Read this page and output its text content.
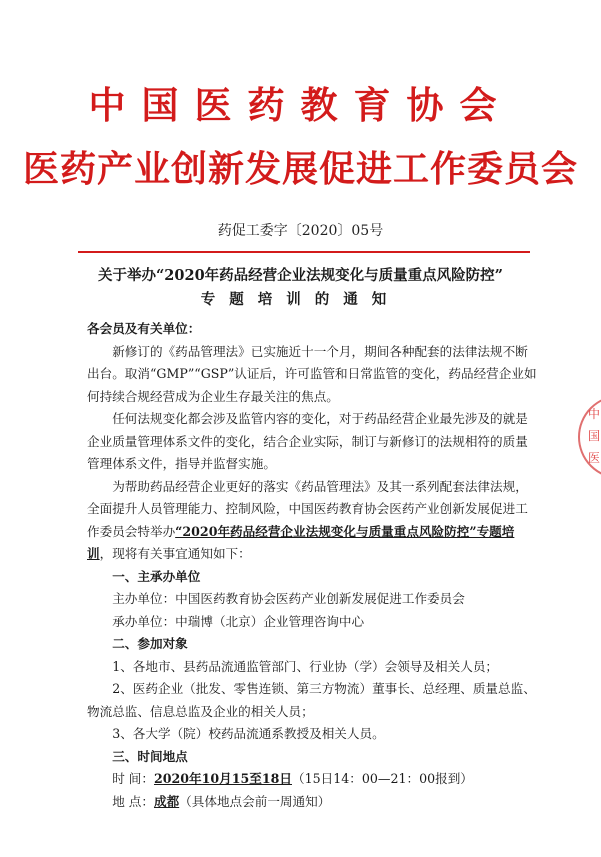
中国医药教育协会
医药产业创新发展促进工作委员会
药促工委字〔2020〕05号
关于举办“2020年药品经营企业法规变化与质量重点风险防控”
专题培训的通知

各会员及有关单位：

新修订的《药品管理法》已实施近十一个月，期间各种配套的法律法规不断出台。取消“GMP”“GSP”认证后，许可监管和日常监管的变化，药品经营企业如何持续合规经营成为企业生存最关注的焦点。

任何法规变化都会涉及监管内容的变化，对于药品经营企业最先涉及的就是企业质量管理体系文件的变化，结合企业实际，制订与新修订的法规相符的质量管理体系文件，指导并监督实施。

为帮助药品经营企业更好的落实《药品管理法》及其一系列配套法律法规，全面提升人员管理能力、控制风险，中国医药教育协会医药产业创新发展促进工作委员会特举办“2020年药品经营企业法规变化与质量重点风险防控”专题培训，现将有关事宜通知如下：

一、主承办单位

主办单位：中国医药教育协会医药产业创新发展促进工作委员会

承办单位：中瑞博（北京）企业管理咨询中心

二、参加对象

1、各地市、县药品流通监管部门、行业协（学）会领导及相关人员；

2、医药企业（批发、零售连锁、第三方物流）董事长、总经理、质量总监、物流总监、信息总监及企业的相关人员；

3、各大学（院）校药品流通系教授及相关人员。

三、时间地点

时 间：2020年10月15至18日（15日14：00—21：00报到）

地 点：成都（具体地点会前一周通知）

中
国
医
